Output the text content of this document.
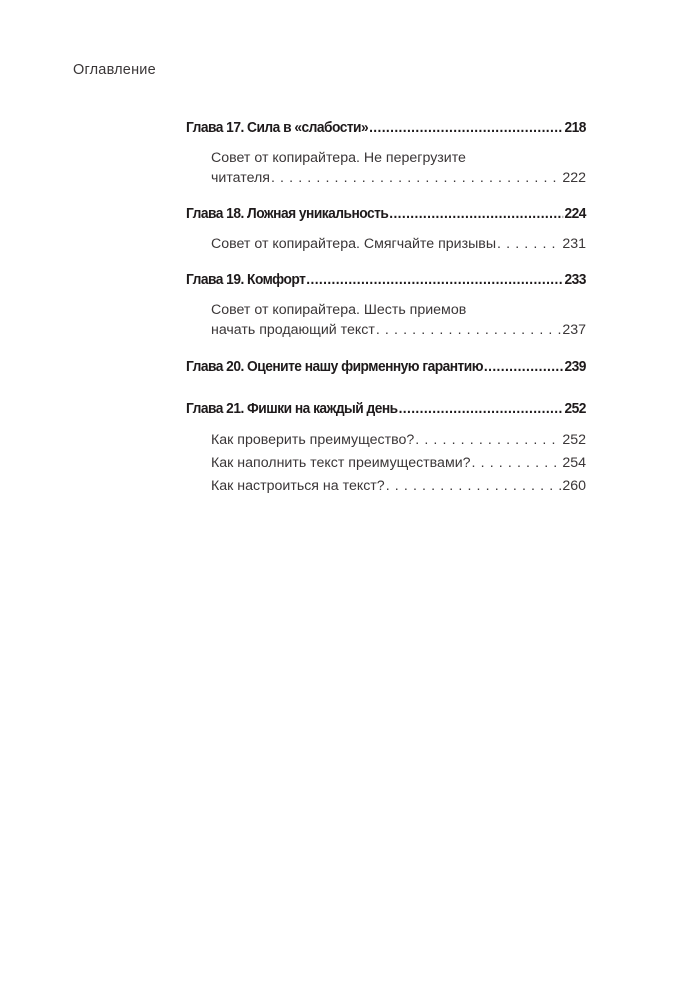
Оглавление
Глава 17. Сила в «слабости» .....	218
Совет от копирайтера. Не перегрузите
читателя . . .	222
Глава 18. Ложная уникальность .....	224
Совет от копирайтера. Смягчайте призывы . . .	231
Глава 19. Комфорт .....	233
Совет от копирайтера. Шесть приемов
начать продающий текст . . .	237
Глава 20. Оцените нашу фирменную гарантию .....	239
Глава 21. Фишки на каждый день .....	252
Как проверить преимущество? . . .	252
Как наполнить текст преимуществами? . . .	254
Как настроиться на текст? . . .	260
